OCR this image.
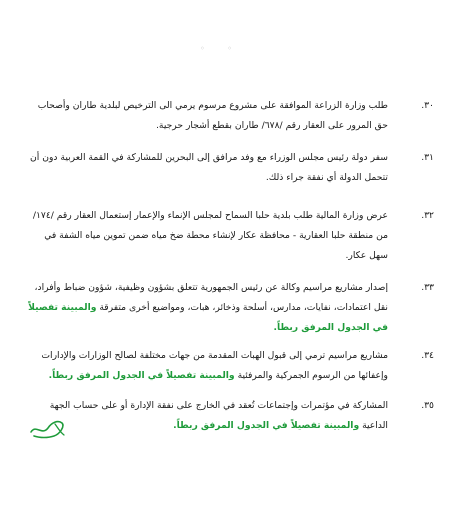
◦ ◦
٣٠.
طلب وزارة الزراعة الموافقة على مشروع مرسوم يرمي الى الترخيص لبلدية طاران وأصحاب حق المرور على العقار رقم /٦٧٨/ طاران بقطع أشجار حرجية.
٣١.
سفر دولة رئيس مجلس الوزراء مع وفد مرافق إلى البحرين للمشاركة في القمة العربية دون أن تتحمل الدولة أي نفقة جراء ذلك.
٣٢.
عرض وزارة المالية طلب بلدية حلبا السماح لمجلس الإنماء والإعمار إستعمال العقار رقم /١٧٤/ من منطقة حلبا العقارية - محافظة عكار لإنشاء محطة ضخ مياه ضمن تموين مياه الشفة في سهل عكار.
٣٣.
إصدار مشاريع مراسيم وكالة عن رئيس الجمهورية تتعلق بشؤون وظيفية، شؤون ضباط وأفراد، نقل اعتمادات، نفايات، مدارس، أسلحة وذخائر، هبات، ومواضيع أخرى متفرقة والمبينة تفصيلاً في الجدول المرفق ربطاً.
٣٤.
مشاريع مراسيم ترمي إلى قبول الهبات المقدمة من جهات مختلفة لصالح الوزارات والإدارات وإعفائها من الرسوم الجمركية والمرفئية والمبينة تفصيلاً في الجدول المرفق ربطاً.
٣٥.
المشاركة في مؤتمرات وإجتماعات تُعقد في الخارج على نفقة الإدارة أو على حساب الجهة الداعية والمبينة تفصيلاً في الجدول المرفق ربطاً.
